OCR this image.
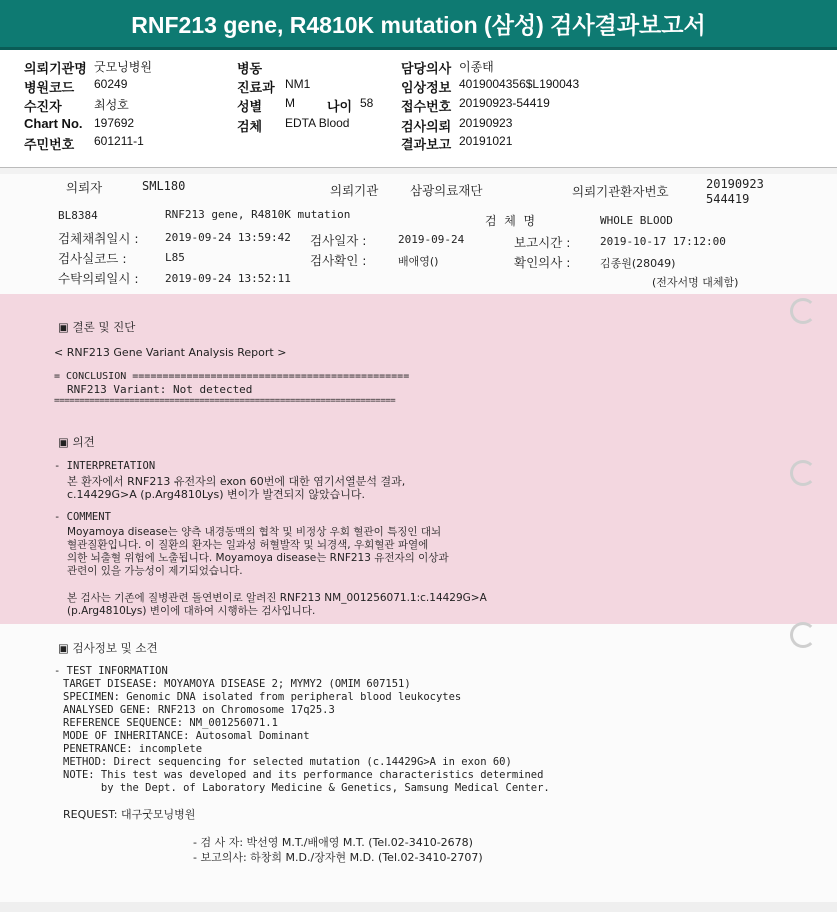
RNF213 gene, R4810K mutation (삼성) 검사결과보고서
의뢰기관명 굿모닝병원
병원코드 60249
수진자	최성호
Chart No. 197692
주민번호 601211-1
병동
진료과 NM1
성별 M 나이 58
검체 EDTA Blood
담당의사 이종태
임상정보 4019004356$L190043
접수번호 20190923-54419
검사의뢰 20190923
결과보고 20191021
의뢰자	SML180	의뢰기관	삼광의료재단	의뢰기관환자번호	20190923544419
BL8384	RNF213 gene, R4810K mutation	검  체  명	WHOLE BLOOD
검체채취일시 : 2019-09-24 13:59:42 검사일자 :	2019-09-24	보고시간 :	2019-10-17 17:12:00
검사실코드 :	L85	검사확인 :	배애영()	확인의사 :	김종원(28049)
수탁의뢰일시 : 2019-09-24 13:52:11	(전자서명 대체함)
▣ 결론 및 진단
< RNF213 Gene Variant Analysis Report >
= CONCLUSION ==============================================
RNF213 Variant: Not detected
====================================================================
▣ 의견
- INTERPRETATION
본 환자에서 RNF213 유전자의 exon 60번에 대한 염기서열분석 결과,
c.14429G>A (p.Arg4810Lys) 변이가 발견되지 않았습니다.
- COMMENT
Moyamoya disease는 양측 내경동맥의 협착 및 비정상 우회 혈관이 특징인 대뇌
혈관질환입니다. 이 질환의 환자는 일과성 허혈발작 및 뇌경색, 우회혈관 파열에
의한 뇌출혈 위험에 노출됩니다. Moyamoya disease는 RNF213 유전자의 이상과
관련이 있을 가능성이 제기되었습니다.
본 검사는 기존에 질병관련 돌연변이로 알려진 RNF213 NM_001256071.1:c.14429G>A
(p.Arg4810Lys) 변이에 대하여 시행하는 검사입니다.
▣ 검사정보 및 소견
- TEST INFORMATION
TARGET DISEASE: MOYAMOYA DISEASE 2; MYMY2 (OMIM 607151)
SPECIMEN: Genomic DNA isolated from peripheral blood leukocytes
ANALYSED GENE: RNF213 on Chromosome 17q25.3
REFERENCE SEQUENCE: NM_001256071.1
MODE OF INHERITANCE: Autosomal Dominant
PENETRANCE: incomplete
METHOD: Direct sequencing for selected mutation (c.14429G>A in exon 60)
NOTE: This test was developed and its performance characteristics determined
by the Dept. of Laboratory Medicine & Genetics, Samsung Medical Center.
REQUEST: 대구굿모닝병원
- 검 사 자: 박선영 M.T./배애영 M.T. (Tel.02-3410-2678)
- 보고의사: 하창희 M.D./장자현 M.D. (Tel.02-3410-2707)
